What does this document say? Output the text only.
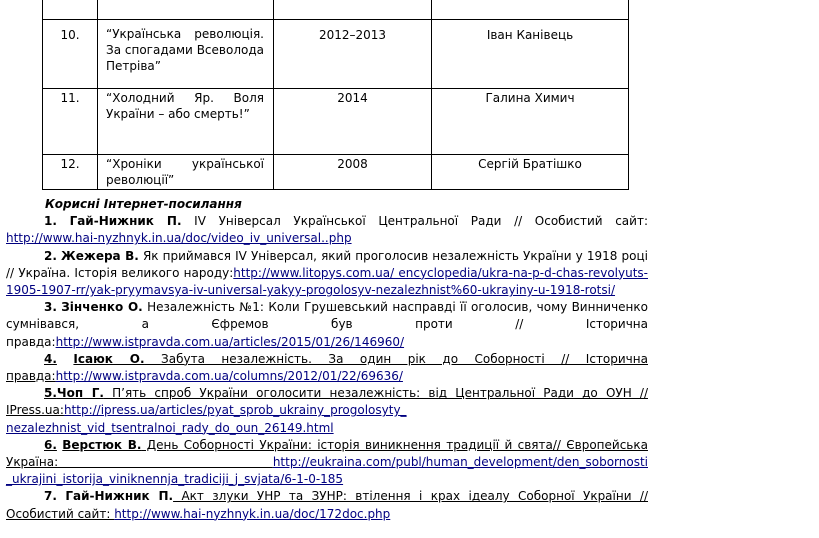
10.	“Українська революція. За спогадами Всеволода Петріва”	2012–2013	Іван Канівець
11.	“Холодний Яр. Воля України – або смерть!”	2014	Галина Химич
12.	“Хроніки української революції”	2008	Сергій Братішко
Корисні Інтернет-посилання

1. Гай-Нижник П. IV Універсал Української Центральної Ради // Особистий сайт: http://www.hai-nyzhnyk.in.ua/doc/video_iv_universal..php

2. Жежера В. Як приймався IV Універсал, який проголосив незалежність України у 1918 році // Україна. Історія великого народу:http://www.litopys.com.ua/ encyclopedia/ukra-na-p-d-chas-revolyuts-1905-1907-rr/yak-pryymavsya-iv-universal-yakyy-progolosyv-nezalezhnist%60-ukrayiny-u-1918-rotsi/

3. Зінченко О. Незалежність №1: Коли Грушевський насправді її оголосив, чому Винниченко сумнівався, а Єфремов був проти // Історична правда:http://www.istpravda.com.ua/articles/2015/01/26/146960/

4. Ісаюк О. Забута незалежність. За один рік до Соборності // Історична правда:http://www.istpravda.com.ua/columns/2012/01/22/69636/

5.Чоп Г. П’ять спроб України оголосити незалежність: від Центральної Ради до ОУН // IPress.ua:http://ipress.ua/articles/pyat_sprob_ukrainy_progolosyty_ nezalezhnist_vid_tsentralnoi_rady_do_oun_26149.html

6. Верстюк В. День Соборності України: історія виникнення традиції й свята// Європейська Україна: http://eukraina.com/publ/human_development/den_sobornosti _ukrajini_istorija_viniknennja_tradiciji_j_svjata/6-1-0-185

7. Гай-Нижник П. Акт злуки УНР та ЗУНР: втілення і крах ідеалу Соборної України // Особистий сайт: http://www.hai-nyzhnyk.in.ua/doc/172doc.php
